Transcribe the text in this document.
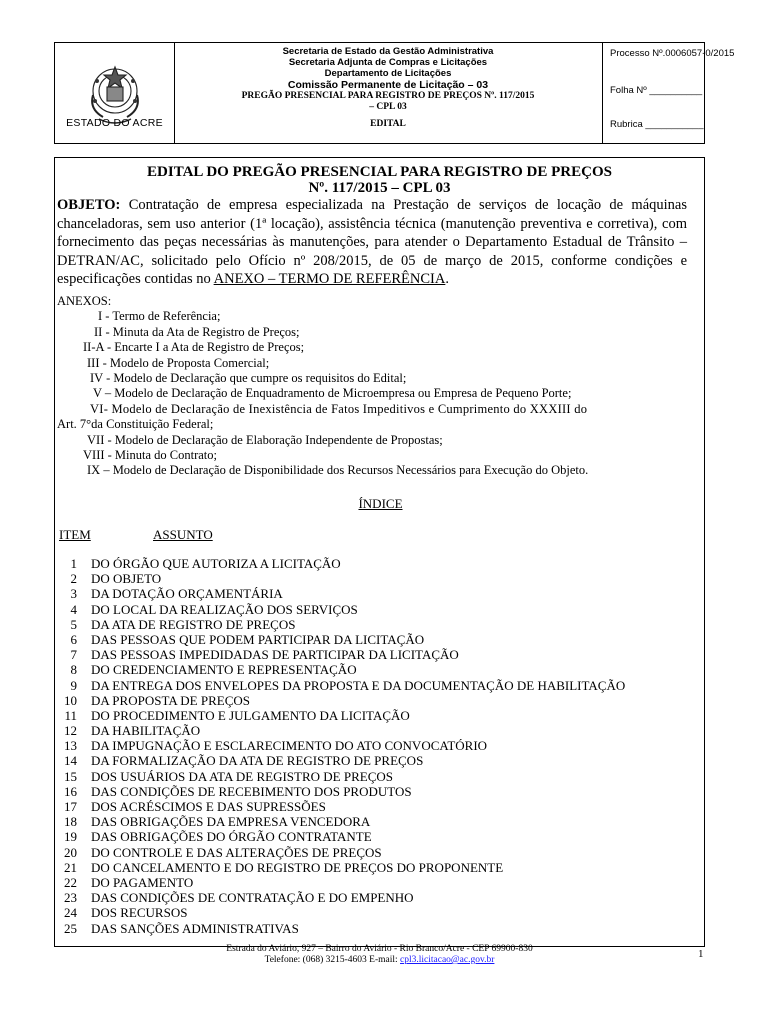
ESTADO DO ACRE
Secretaria de Estado da Gestão Administrativa
Secretaria Adjunta de Compras e Licitações
Departamento de Licitações
Comissão Permanente de Licitação – 03
PREGÃO PRESENCIAL PARA REGISTRO DE PREÇOS Nº. 117/2015
– CPL 03
EDITAL
Processo Nº.0006057-0/2015
Folha Nº __________
Rubrica ___________
EDITAL DO PREGÃO PRESENCIAL PARA REGISTRO DE PREÇOS
Nº. 117/2015 – CPL 03
OBJETO: Contratação de empresa especializada na Prestação de serviços de locação de máquinas chanceladoras, sem uso anterior (1ª locação), assistência técnica (manutenção preventiva e corretiva), com fornecimento das peças necessárias às manutenções, para atender o Departamento Estadual de Trânsito – DETRAN/AC, solicitado pelo Ofício nº 208/2015, de 05 de março de 2015, conforme condições e especificações contidas no ANEXO – TERMO DE REFERÊNCIA.
ANEXOS:
I - Termo de Referência;
II - Minuta da Ata de Registro de Preços;
II-A - Encarte I a Ata de Registro de Preços;
III - Modelo de Proposta Comercial;
IV - Modelo de Declaração que cumpre os requisitos do Edital;
V – Modelo de Declaração de Enquadramento de Microempresa ou Empresa de Pequeno Porte;
VI- Modelo de Declaração de Inexistência de Fatos Impeditivos e Cumprimento do XXXIII do
Art. 7°da Constituição Federal;
VII - Modelo de Declaração de Elaboração Independente de Propostas;
VIII - Minuta do Contrato;
IX – Modelo de Declaração de Disponibilidade dos Recursos Necessários para Execução do Objeto.
ÍNDICE
ITEM	ASSUNTO
1 DO ÓRGÃO QUE AUTORIZA A LICITAÇÃO
2 DO OBJETO
3 DA DOTAÇÃO ORÇAMENTÁRIA
4 DO LOCAL DA REALIZAÇÃO DOS SERVIÇOS
5 DA ATA DE REGISTRO DE PREÇOS
6 DAS PESSOAS QUE PODEM PARTICIPAR DA LICITAÇÃO
7 DAS PESSOAS IMPEDIDADAS DE PARTICIPAR DA LICITAÇÃO
8 DO CREDENCIAMENTO E REPRESENTAÇÃO
9 DA ENTREGA DOS ENVELOPES DA PROPOSTA E DA DOCUMENTAÇÃO DE HABILITAÇÃO
10 DA PROPOSTA DE PREÇOS
11 DO PROCEDIMENTO E JULGAMENTO DA LICITAÇÃO
12 DA HABILITAÇÃO
13 DA IMPUGNAÇÃO E ESCLARECIMENTO DO ATO CONVOCATÓRIO
14 DA FORMALIZAÇÃO DA ATA DE REGISTRO DE PREÇOS
15 DOS USUÁRIOS DA ATA DE REGISTRO DE PREÇOS
16 DAS CONDIÇÕES DE RECEBIMENTO DOS PRODUTOS
17 DOS ACRÉSCIMOS E DAS SUPRESSÕES
18 DAS OBRIGAÇÕES DA EMPRESA VENCEDORA
19 DAS OBRIGAÇÕES DO ÓRGÃO CONTRATANTE
20 DO CONTROLE E DAS ALTERAÇÕES DE PREÇOS
21 DO CANCELAMENTO E DO REGISTRO DE PREÇOS DO PROPONENTE
22 DO PAGAMENTO
23 DAS CONDIÇÕES DE CONTRATAÇÃO E DO EMPENHO
24 DOS RECURSOS
25 DAS SANÇÕES ADMINISTRATIVAS
Estrada do Aviário, 927 – Bairro do Aviário - Rio Branco/Acre - CEP 69900-830
Telefone: (068) 3215-4603 E-mail: cpl3.licitacao@ac.gov.br	1
